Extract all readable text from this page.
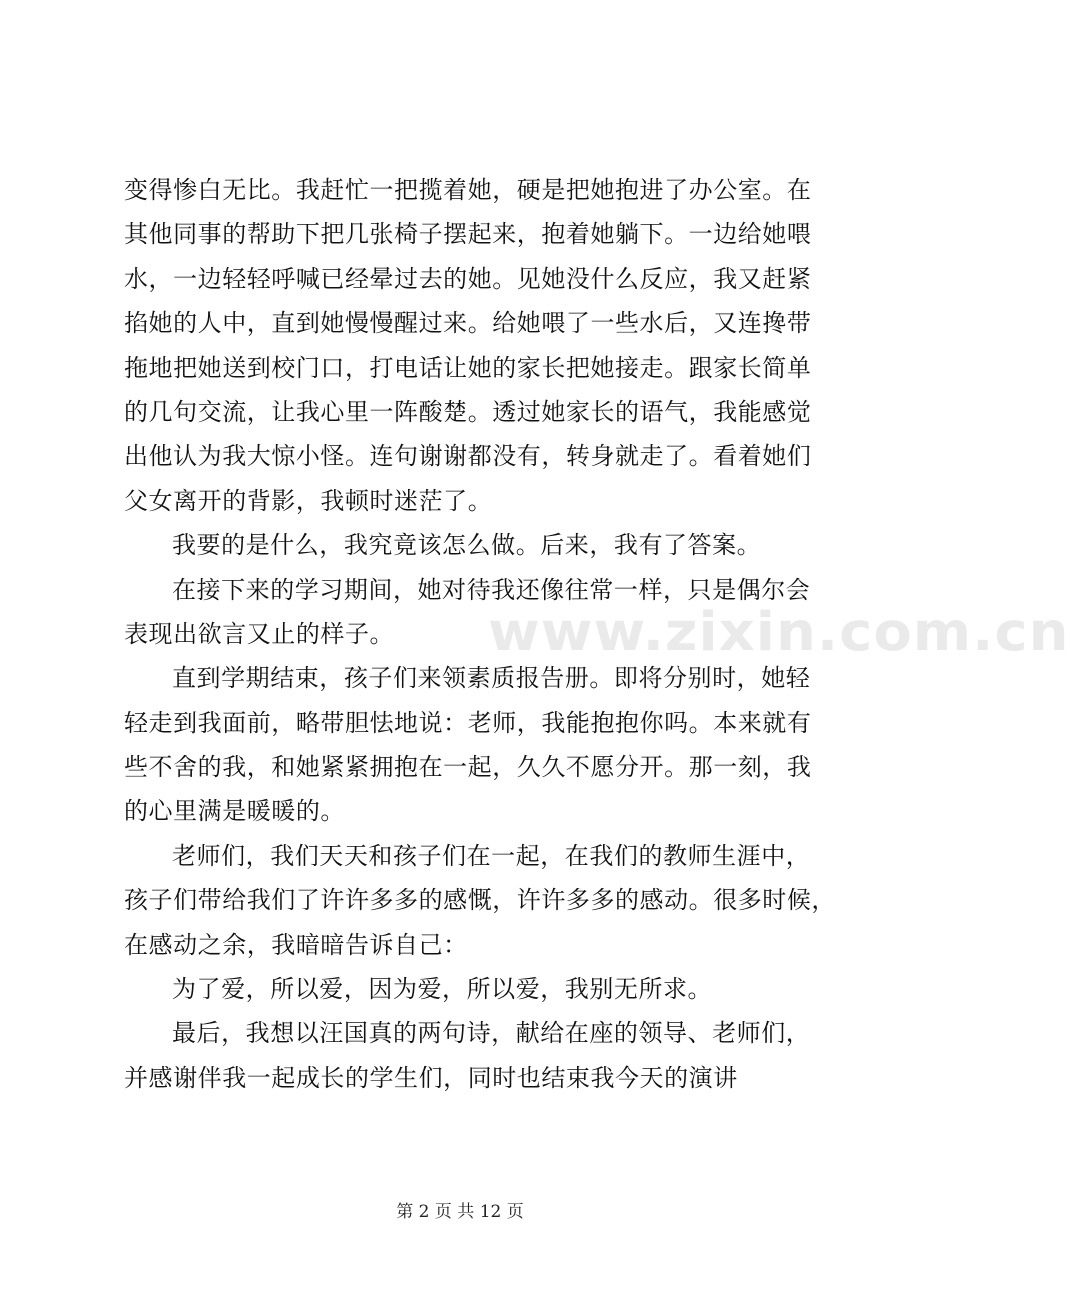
变得惨白无比。我赶忙一把揽着她，硬是把她抱进了办公室。在
其他同事的帮助下把几张椅子摆起来，抱着她躺下。一边给她喂
水，一边轻轻呼喊已经晕过去的她。见她没什么反应，我又赶紧
掐她的人中，直到她慢慢醒过来。给她喂了一些水后，又连搀带
拖地把她送到校门口，打电话让她的家长把她接走。跟家长简单
的几句交流，让我心里一阵酸楚。透过她家长的语气，我能感觉
出他认为我大惊小怪。连句谢谢都没有，转身就走了。看着她们
父女离开的背影，我顿时迷茫了。
我要的是什么，我究竟该怎么做。后来，我有了答案。
在接下来的学习期间，她对待我还像往常一样，只是偶尔会
表现出欲言又止的样子。
直到学期结束，孩子们来领素质报告册。即将分别时，她轻
轻走到我面前，略带胆怯地说：老师，我能抱抱你吗。本来就有
些不舍的我，和她紧紧拥抱在一起，久久不愿分开。那一刻，我
的心里满是暖暖的。
老师们，我们天天和孩子们在一起，在我们的教师生涯中，
孩子们带给我们了许许多多的感慨，许许多多的感动。很多时候，
在感动之余，我暗暗告诉自己：
为了爱，所以爱，因为爱，所以爱，我别无所求。
最后，我想以汪国真的两句诗，献给在座的领导、老师们，
并感谢伴我一起成长的学生们，同时也结束我今天的演讲
www.zixin.com.cn
第 2 页 共 12 页
